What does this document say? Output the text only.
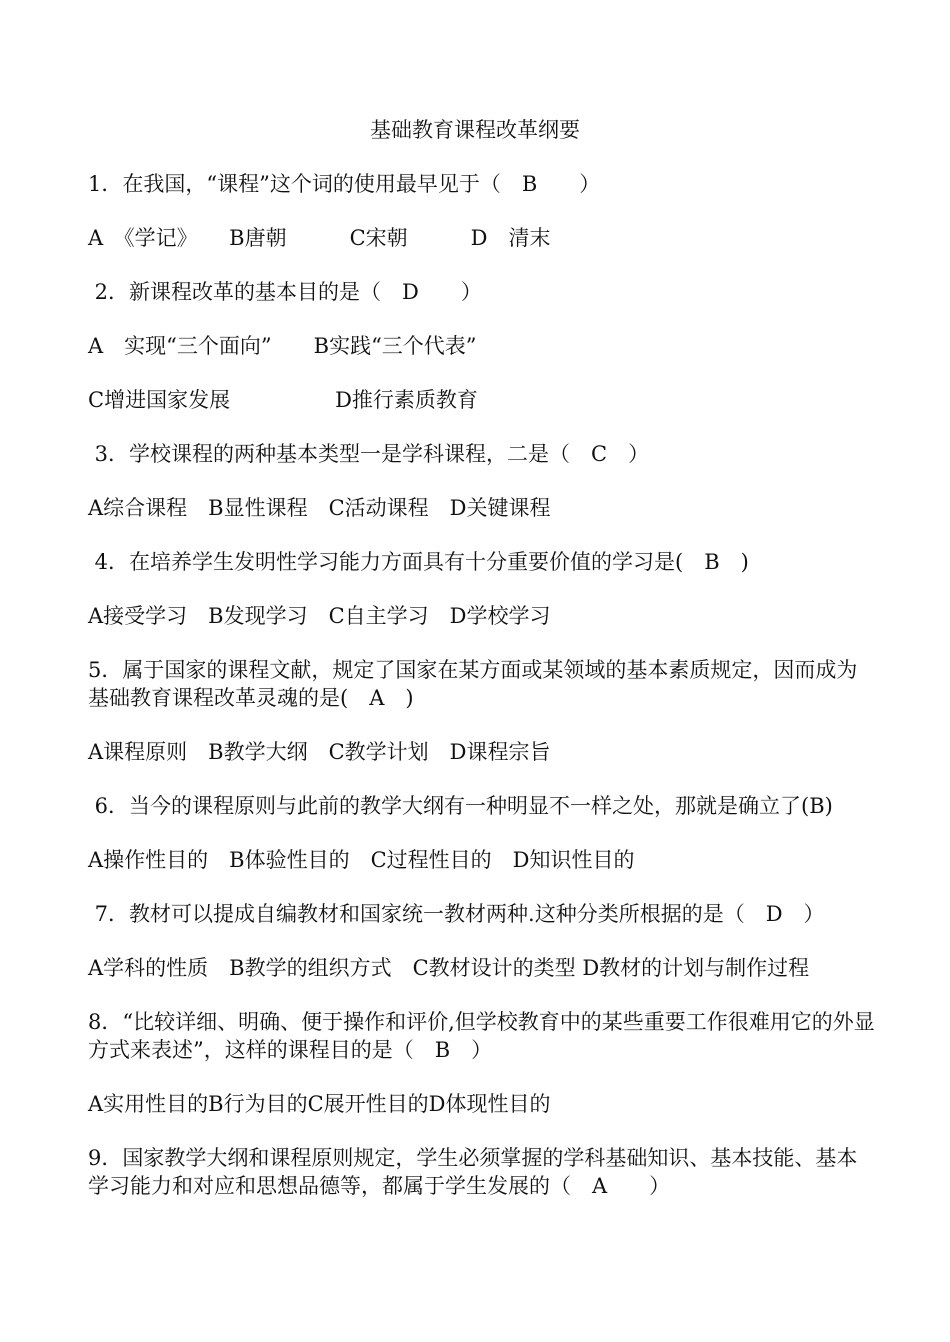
基础教育课程改革纲要
1．在我国，“课程”这个词的使用最早见于（　B　　）
A　《学记》　　B唐朝　　　C宋朝　　　D　清末
2．新课程改革的基本目的是（　D　　）
A　实现“三个面向”　　B实践“三个代表”
C增进国家发展　　　　　D推行素质教育
3．学校课程的两种基本类型一是学科课程，二是（　C　）
A综合课程　B显性课程　C活动课程　D关键课程
4．在培养学生发明性学习能力方面具有十分重要价值的学习是(　B　)
A接受学习　B发现学习　C自主学习　D学校学习
5．属于国家的课程文献，规定了国家在某方面或某领域的基本素质规定，因而成为基础教育课程改革灵魂的是(　A　)
A课程原则　B教学大纲　C教学计划　D课程宗旨
6．当今的课程原则与此前的教学大纲有一种明显不一样之处，那就是确立了(B)
A操作性目的　B体验性目的　C过程性目的　D知识性目的
7．教材可以提成自编教材和国家统一教材两种.这种分类所根据的是（　D　）
A学科的性质　B教学的组织方式　C教材设计的类型 D教材的计划与制作过程
8．“比较详细、明确、便于操作和评价,但学校教育中的某些重要工作很难用它的外显方式来表述”，这样的课程目的是（　B　）
A实用性目的B行为目的C展开性目的D体现性目的
9．国家教学大纲和课程原则规定，学生必须掌握的学科基础知识、基本技能、基本学习能力和对应和思想品德等，都属于学生发展的（　A　　）
